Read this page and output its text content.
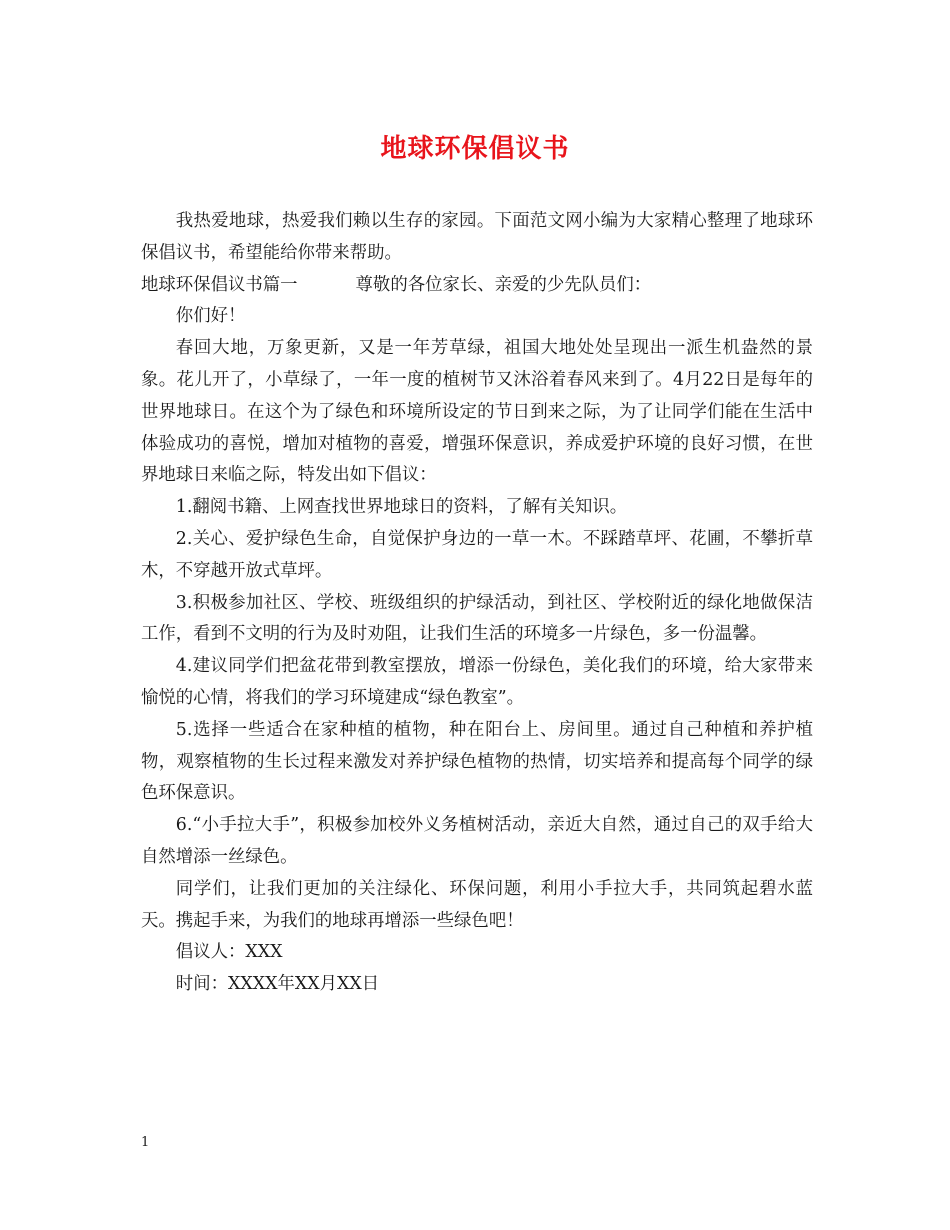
地球环保倡议书

我热爱地球，热爱我们赖以生存的家园。下面范文网小编为大家精心整理了地球环保倡议书，希望能给你带来帮助。

地球环保倡议书篇一	尊敬的各位家长、亲爱的少先队员们：

你们好！

春回大地，万象更新，又是一年芳草绿，祖国大地处处呈现出一派生机盎然的景象。花儿开了，小草绿了，一年一度的植树节又沐浴着春风来到了。4月22日是每年的世界地球日。在这个为了绿色和环境所设定的节日到来之际，为了让同学们能在生活中体验成功的喜悦，增加对植物的喜爱，增强环保意识，养成爱护环境的良好习惯，在世界地球日来临之际，特发出如下倡议：

1.翻阅书籍、上网查找世界地球日的资料，了解有关知识。

2.关心、爱护绿色生命，自觉保护身边的一草一木。不踩踏草坪、花圃，不攀折草木，不穿越开放式草坪。

3.积极参加社区、学校、班级组织的护绿活动，到社区、学校附近的绿化地做保洁工作，看到不文明的行为及时劝阻，让我们生活的环境多一片绿色，多一份温馨。

4.建议同学们把盆花带到教室摆放，增添一份绿色，美化我们的环境，给大家带来愉悦的心情，将我们的学习环境建成“绿色教室”。

5.选择一些适合在家种植的植物，种在阳台上、房间里。通过自己种植和养护植物，观察植物的生长过程来激发对养护绿色植物的热情，切实培养和提高每个同学的绿色环保意识。

6.“小手拉大手”，积极参加校外义务植树活动，亲近大自然，通过自己的双手给大自然增添一丝绿色。

同学们，让我们更加的关注绿化、环保问题，利用小手拉大手，共同筑起碧水蓝天。携起手来，为我们的地球再增添一些绿色吧！

倡议人：XXX

时间：XXXX年XX月XX日

1
